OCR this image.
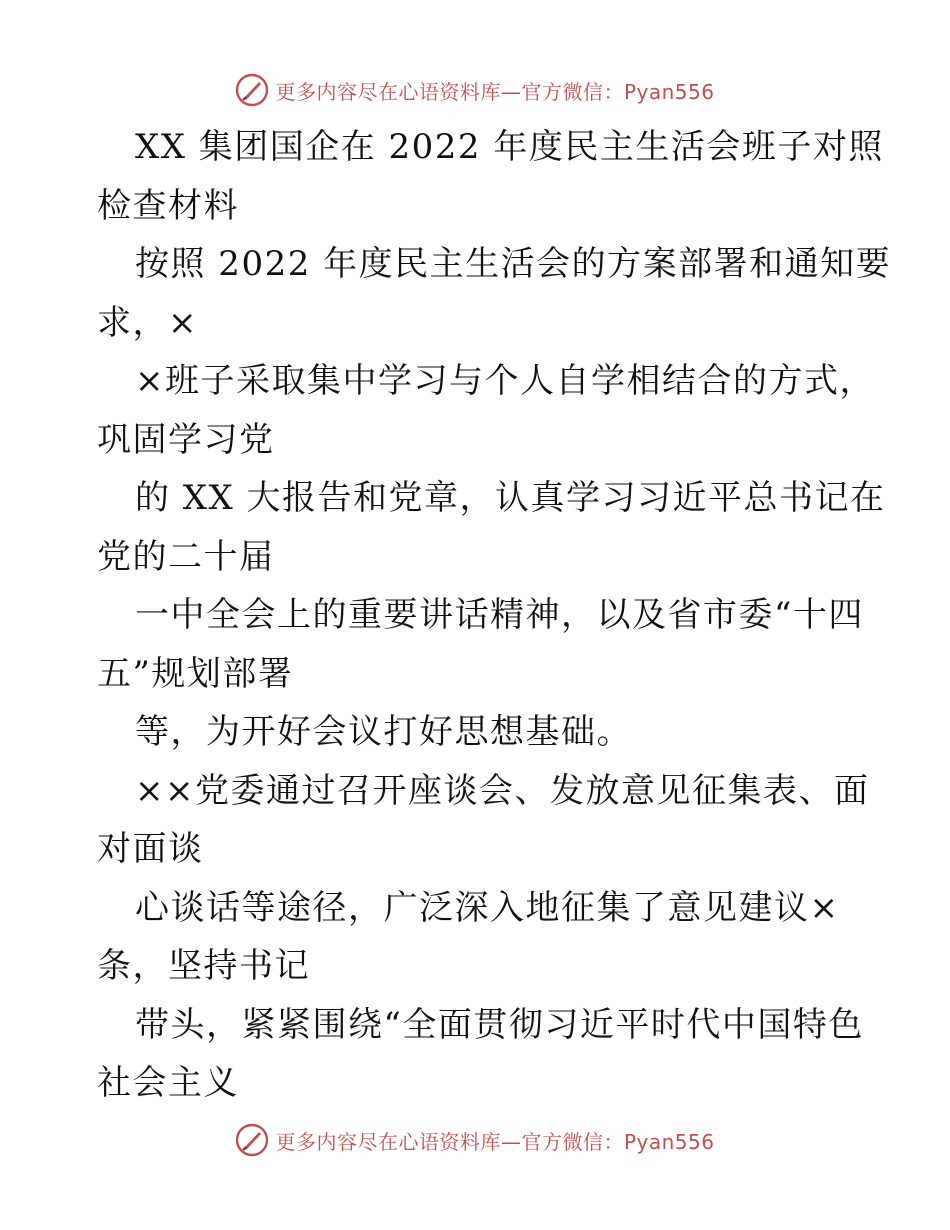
更多内容尽在心语资料库—官方微信：Pyan556
XX 集团国企在 2022 年度民主生活会班子对照
检查材料
按照 2022 年度民主生活会的方案部署和通知要
求，×
×班子采取集中学习与个人自学相结合的方式，
巩固学习党
的 XX 大报告和党章，认真学习习近平总书记在
党的二十届
一中全会上的重要讲话精神，以及省市委“十四
五”规划部署
等，为开好会议打好思想基础。
××党委通过召开座谈会、发放意见征集表、面
对面谈
心谈话等途径，广泛深入地征集了意见建议×
条，坚持书记
带头，紧紧围绕“全面贯彻习近平时代中国特色
社会主义
更多内容尽在心语资料库—官方微信：Pyan556
